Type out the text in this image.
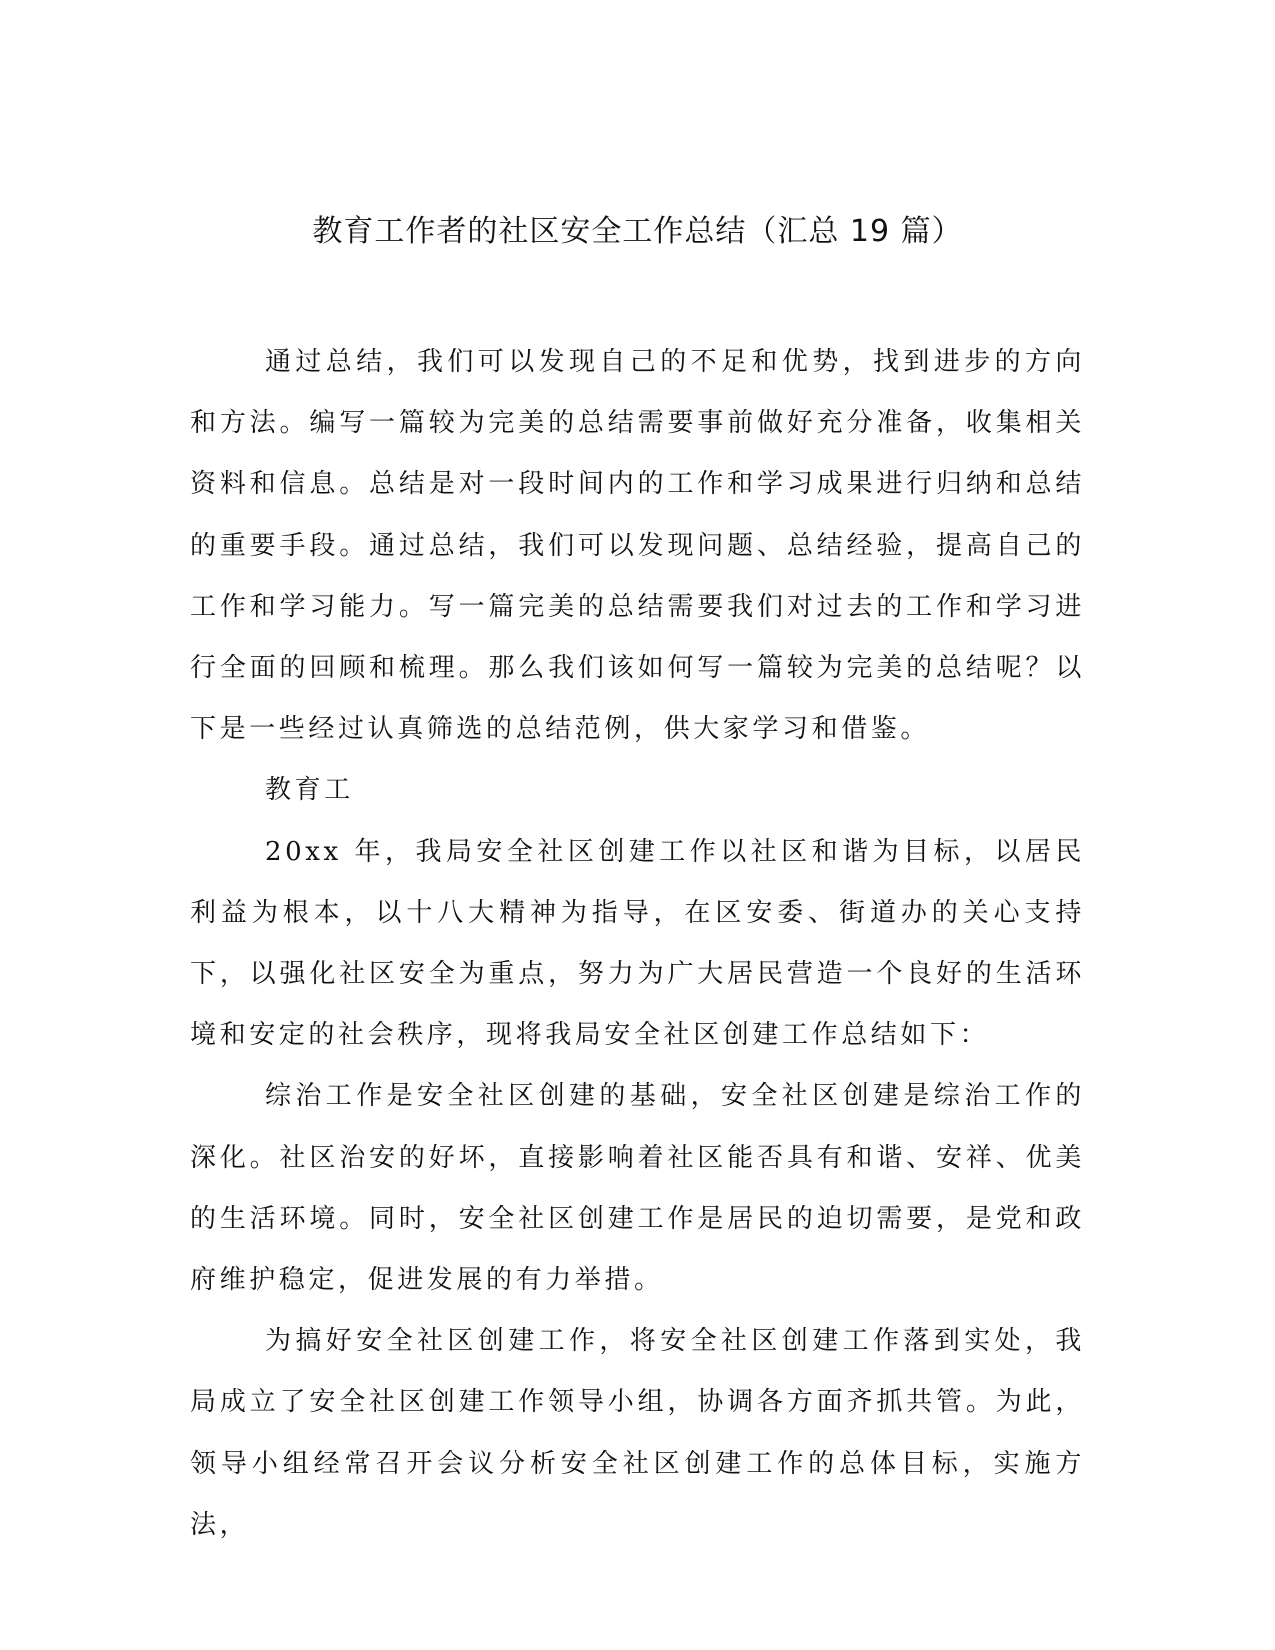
教育工作者的社区安全工作总结（汇总 19 篇）

通过总结，我们可以发现自己的不足和优势，找到进步的方向和方法。编写一篇较为完美的总结需要事前做好充分准备，收集相关资料和信息。总结是对一段时间内的工作和学习成果进行归纳和总结的重要手段。通过总结，我们可以发现问题、总结经验，提高自己的工作和学习能力。写一篇完美的总结需要我们对过去的工作和学习进行全面的回顾和梳理。那么我们该如何写一篇较为完美的总结呢？以下是一些经过认真筛选的总结范例，供大家学习和借鉴。

教育工

20xx 年，我局安全社区创建工作以社区和谐为目标，以居民利益为根本，以十八大精神为指导，在区安委、街道办的关心支持下，以强化社区安全为重点，努力为广大居民营造一个良好的生活环境和安定的社会秩序，现将我局安全社区创建工作总结如下：

综治工作是安全社区创建的基础，安全社区创建是综治工作的深化。社区治安的好坏，直接影响着社区能否具有和谐、安祥、优美的生活环境。同时，安全社区创建工作是居民的迫切需要，是党和政府维护稳定，促进发展的有力举措。

为搞好安全社区创建工作，将安全社区创建工作落到实处，我局成立了安全社区创建工作领导小组，协调各方面齐抓共管。为此，领导小组经常召开会议分析安全社区创建工作的总体目标，实施方法，
